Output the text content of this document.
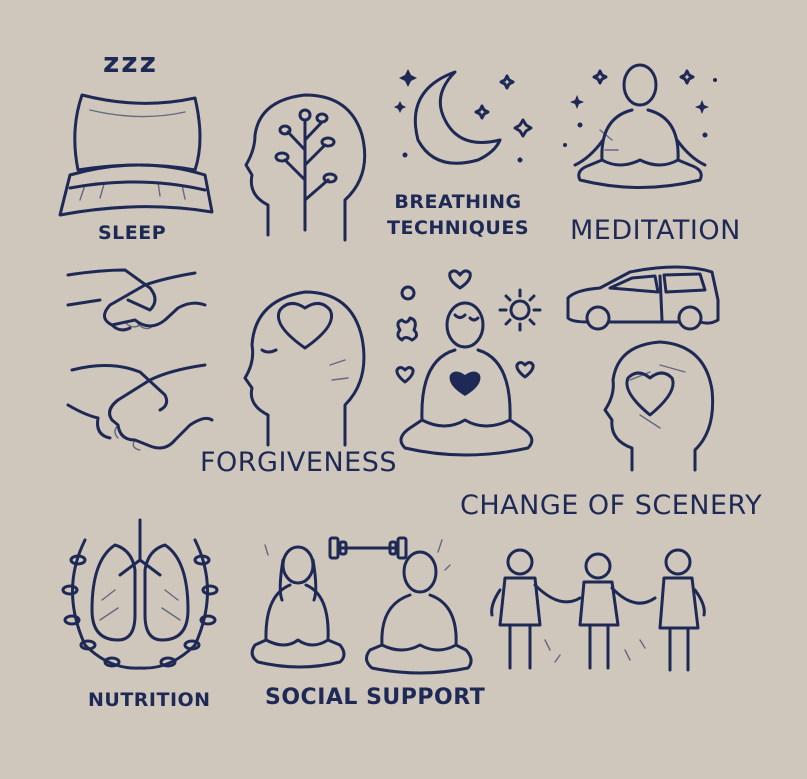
zzz
SLEEP
BREATHING
TECHNIQUES MEDITATION
FORGIVENESS
CHANGE OF SCENERY
NUTRITION SOCIAL SUPPORT
